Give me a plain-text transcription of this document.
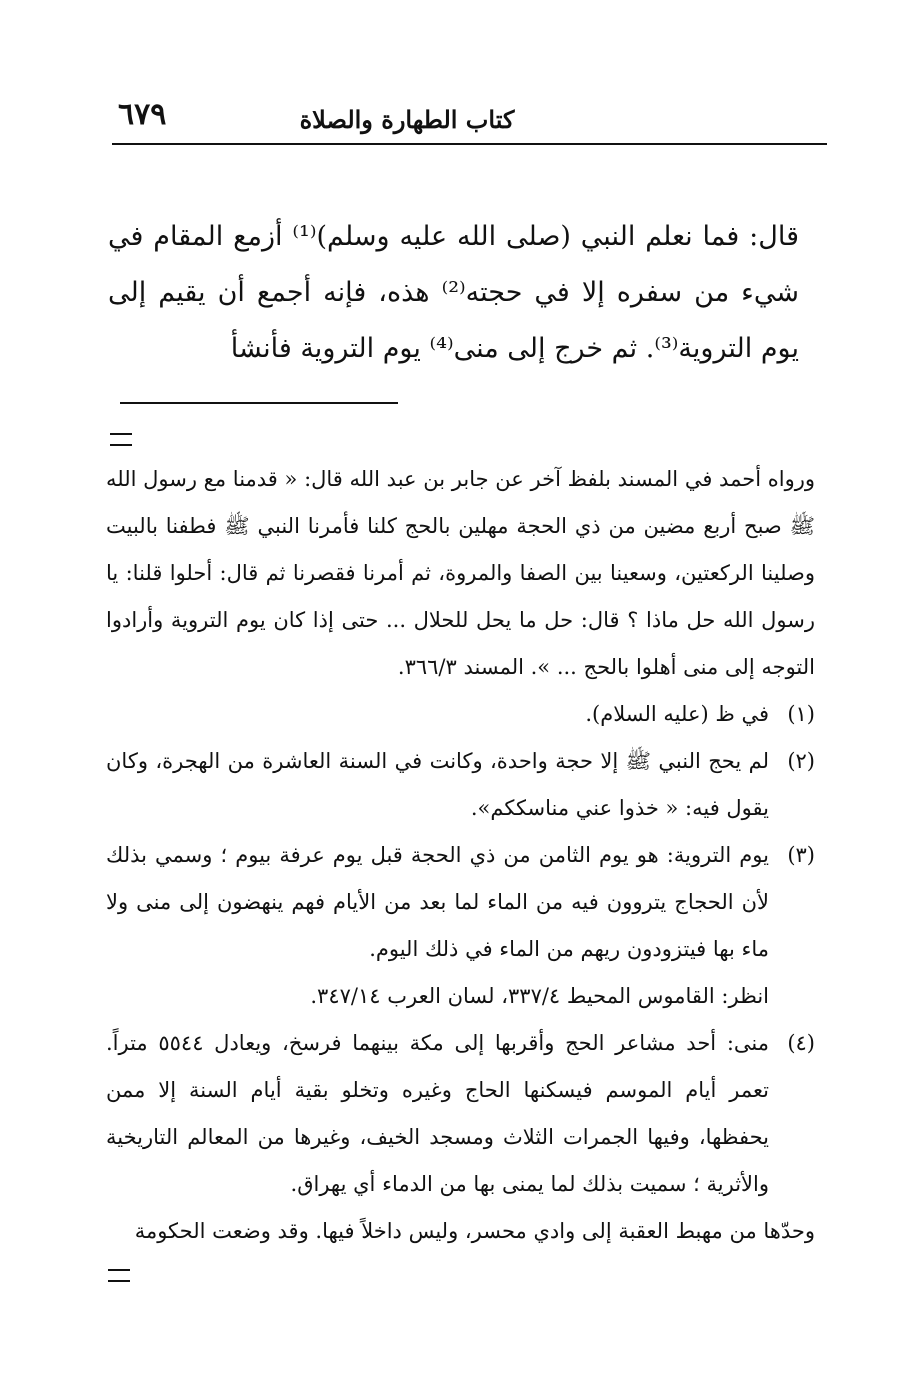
كتاب الطهارة والصلاة
٦٧٩

قال: فما نعلم النبي (صلى الله عليه وسلم)⁽¹⁾ أزمع المقام في شيء من سفره إلا في حجته⁽²⁾ هذه، فإنه أجمع أن يقيم إلى يوم التروية⁽³⁾. ثم خرج إلى منى⁽⁴⁾ يوم التروية فأنشأ

ورواه أحمد في المسند بلفظ آخر عن جابر بن عبد الله قال: « قدمنا مع رسول الله ﷺ صبح أربع مضين من ذي الحجة مهلين بالحج كلنا فأمرنا النبي ﷺ فطفنا بالبيت وصلينا الركعتين، وسعينا بين الصفا والمروة، ثم أمرنا فقصرنا ثم قال: أحلوا قلنا: يا رسول الله حل ماذا ؟ قال: حل ما يحل للحلال ... حتى إذا كان يوم التروية وأرادوا التوجه إلى منى أهلوا بالحج ... ». المسند ٣٦٦/٣.

(١)
في ظ (عليه السلام).

(٢)
لم يحج النبي ﷺ إلا حجة واحدة، وكانت في السنة العاشرة من الهجرة، وكان يقول فيه: « خذوا عني مناسككم».

(٣)
يوم التروية: هو يوم الثامن من ذي الحجة قبل يوم عرفة بيوم ؛ وسمي بذلك لأن الحجاج يتروون فيه من الماء لما بعد من الأيام فهم ينهضون إلى منى ولا ماء بها فيتزودون ريهم من الماء في ذلك اليوم.

انظر: القاموس المحيط ٣٣٧/٤، لسان العرب ٣٤٧/١٤.

(٤)
منى: أحد مشاعر الحج وأقربها إلى مكة بينهما فرسخ، ويعادل ٥٥٤٤ متراً. تعمر أيام الموسم فيسكنها الحاج وغيره وتخلو بقية أيام السنة إلا ممن يحفظها، وفيها الجمرات الثلاث ومسجد الخيف، وغيرها من المعالم التاريخية والأثرية ؛ سميت بذلك لما يمنى بها من الدماء أي يهراق.

وحدّها من مهبط العقبة إلى وادي محسر، وليس داخلاً فيها. وقد وضعت الحكومة
